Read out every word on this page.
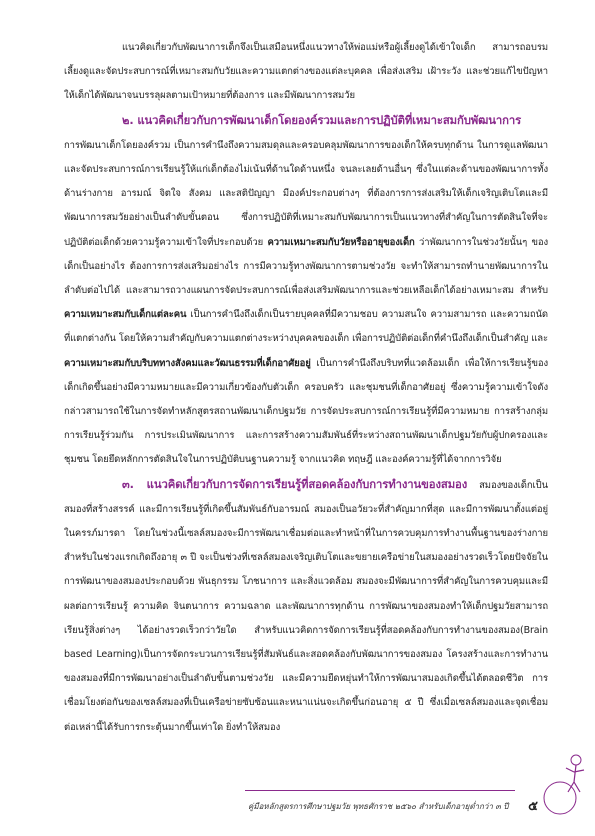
แนวคิดเกี่ยวกับพัฒนาการเด็กจึงเป็นเสมือนหนึ่งแนวทางให้พ่อแม่หรือผู้เลี้ยงดูได้เข้าใจเด็ก สามารถอบรมเลี้ยงดูและจัดประสบการณ์ที่เหมาะสมกับวัยและความแตกต่างของแต่ละบุคคล เพื่อส่งเสริม เฝ้าระวัง และช่วยแก้ไขปัญหาให้เด็กได้พัฒนาจนบรรลุผลตามเป้าหมายที่ต้องการ และมีพัฒนาการสมวัย

๒. แนวคิดเกี่ยวกับการพัฒนาเด็กโดยองค์รวมและการปฏิบัติที่เหมาะสมกับพัฒนาการ

การพัฒนาเด็กโดยองค์รวม เป็นการคำนึงถึงความสมดุลและครอบคลุมพัฒนาการของเด็กให้ครบทุกด้าน ในการดูแลพัฒนา และจัดประสบการณ์การเรียนรู้ให้แก่เด็กต้องไม่เน้นที่ด้านใดด้านหนึ่ง จนละเลยด้านอื่นๆ ซึ่งในแต่ละด้านของพัฒนาการทั้งด้านร่างกาย อารมณ์ จิตใจ สังคม และสติปัญญา มีองค์ประกอบต่างๆ ที่ต้องการการส่งเสริมให้เด็กเจริญเติบโตและมีพัฒนาการสมวัยอย่างเป็นลำดับขั้นตอน ซึ่งการปฏิบัติที่เหมาะสมกับพัฒนาการเป็นแนวทางที่สำคัญในการตัดสินใจที่จะปฏิบัติต่อเด็กด้วยความรู้ความเข้าใจที่ประกอบด้วย ความเหมาะสมกับวัยหรืออายุของเด็ก ว่าพัฒนาการในช่วงวัยนั้นๆ ของเด็กเป็นอย่างไร ต้องการการส่งเสริมอย่างไร การมีความรู้ทางพัฒนาการตามช่วงวัย จะทำให้สามารถทำนายพัฒนาการในลำดับต่อไปได้ และสามารถวางแผนการจัดประสบการณ์เพื่อส่งเสริมพัฒนาการและช่วยเหลือเด็กได้อย่างเหมาะสม สำหรับความเหมาะสมกับเด็กแต่ละคน เป็นการคำนึงถึงเด็กเป็นรายบุคคลที่มีความชอบ ความสนใจ ความสามารถ และความถนัดที่แตกต่างกัน โดยให้ความสำคัญกับความแตกต่างระหว่างบุคคลของเด็ก เพื่อการปฏิบัติต่อเด็กที่คำนึงถึงเด็กเป็นสำคัญ และความเหมาะสมกับบริบททางสังคมและวัฒนธรรมที่เด็กอาศัยอยู่ เป็นการคำนึงถึงบริบทที่แวดล้อมเด็ก เพื่อให้การเรียนรู้ของเด็กเกิดขึ้นอย่างมีความหมายและมีความเกี่ยวข้องกับตัวเด็ก ครอบครัว และชุมชนที่เด็กอาศัยอยู่ ซึ่งความรู้ความเข้าใจดังกล่าวสามารถใช้ในการจัดทำหลักสูตรสถานพัฒนาเด็กปฐมวัย การจัดประสบการณ์การเรียนรู้ที่มีความหมาย การสร้างกลุ่มการเรียนรู้ร่วมกัน การประเมินพัฒนาการ และการสร้างความสัมพันธ์ที่ระหว่างสถานพัฒนาเด็กปฐมวัยกับผู้ปกครองและชุมชน โดยยึดหลักการตัดสินใจในการปฏิบัติบนฐานความรู้ จากแนวคิด ทฤษฎี และองค์ความรู้ที่ได้จากการวิจัย

๓. แนวคิดเกี่ยวกับการจัดการเรียนรู้ที่สอดคล้องกับการทำงานของสมอง สมองของเด็กเป็นสมองที่สร้างสรรค์ และมีการเรียนรู้ที่เกิดขึ้นสัมพันธ์กับอารมณ์ สมองเป็นอวัยวะที่สำคัญมากที่สุด และมีการพัฒนาตั้งแต่อยู่ในครรภ์มารดา โดยในช่วงนี้เซลล์สมองจะมีการพัฒนาเชื่อมต่อและทำหน้าที่ในการควบคุมการทำงานพื้นฐานของร่างกาย สำหรับในช่วงแรกเกิดถึงอายุ ๓ ปี จะเป็นช่วงที่เซลล์สมองเจริญเติบโตและขยายเครือข่ายในสมองอย่างรวดเร็วโดยปัจจัยในการพัฒนาของสมองประกอบด้วย พันธุกรรม โภชนาการ และสิ่งแวดล้อม สมองจะมีพัฒนาการที่สำคัญในการควบคุมและมีผลต่อการเรียนรู้ ความคิด จินตนาการ ความฉลาด และพัฒนาการทุกด้าน การพัฒนาของสมองทำให้เด็กปฐมวัยสามารถเรียนรู้สิ่งต่างๆ ได้อย่างรวดเร็วกว่าวัยใด สำหรับแนวคิดการจัดการเรียนรู้ที่สอดคล้องกับการทำงานของสมอง(Brain based Learning)เป็นการจัดกระบวนการเรียนรู้ที่สัมพันธ์และสอดคล้องกับพัฒนาการของสมอง โครงสร้างและการทำงานของสมองที่มีการพัฒนาอย่างเป็นลำดับขั้นตามช่วงวัย และมีความยืดหยุ่นทำให้การพัฒนาสมองเกิดขึ้นได้ตลอดชีวิต การเชื่อมโยงต่อกันของเซลล์สมองที่เป็นเครือข่ายซับซ้อนและหนาแน่นจะเกิดขึ้นก่อนอายุ ๕ ปี ซึ่งเมื่อเซลล์สมองและจุดเชื่อมต่อเหล่านี้ได้รับการกระตุ้นมากขึ้นเท่าใด ยิ่งทำให้สมอง

คู่มือหลักสูตรการศึกษาปฐมวัย พุทธศักราช ๒๕๖๐ สำหรับเด็กอายุต่ำกว่า ๓ ปี	๕
